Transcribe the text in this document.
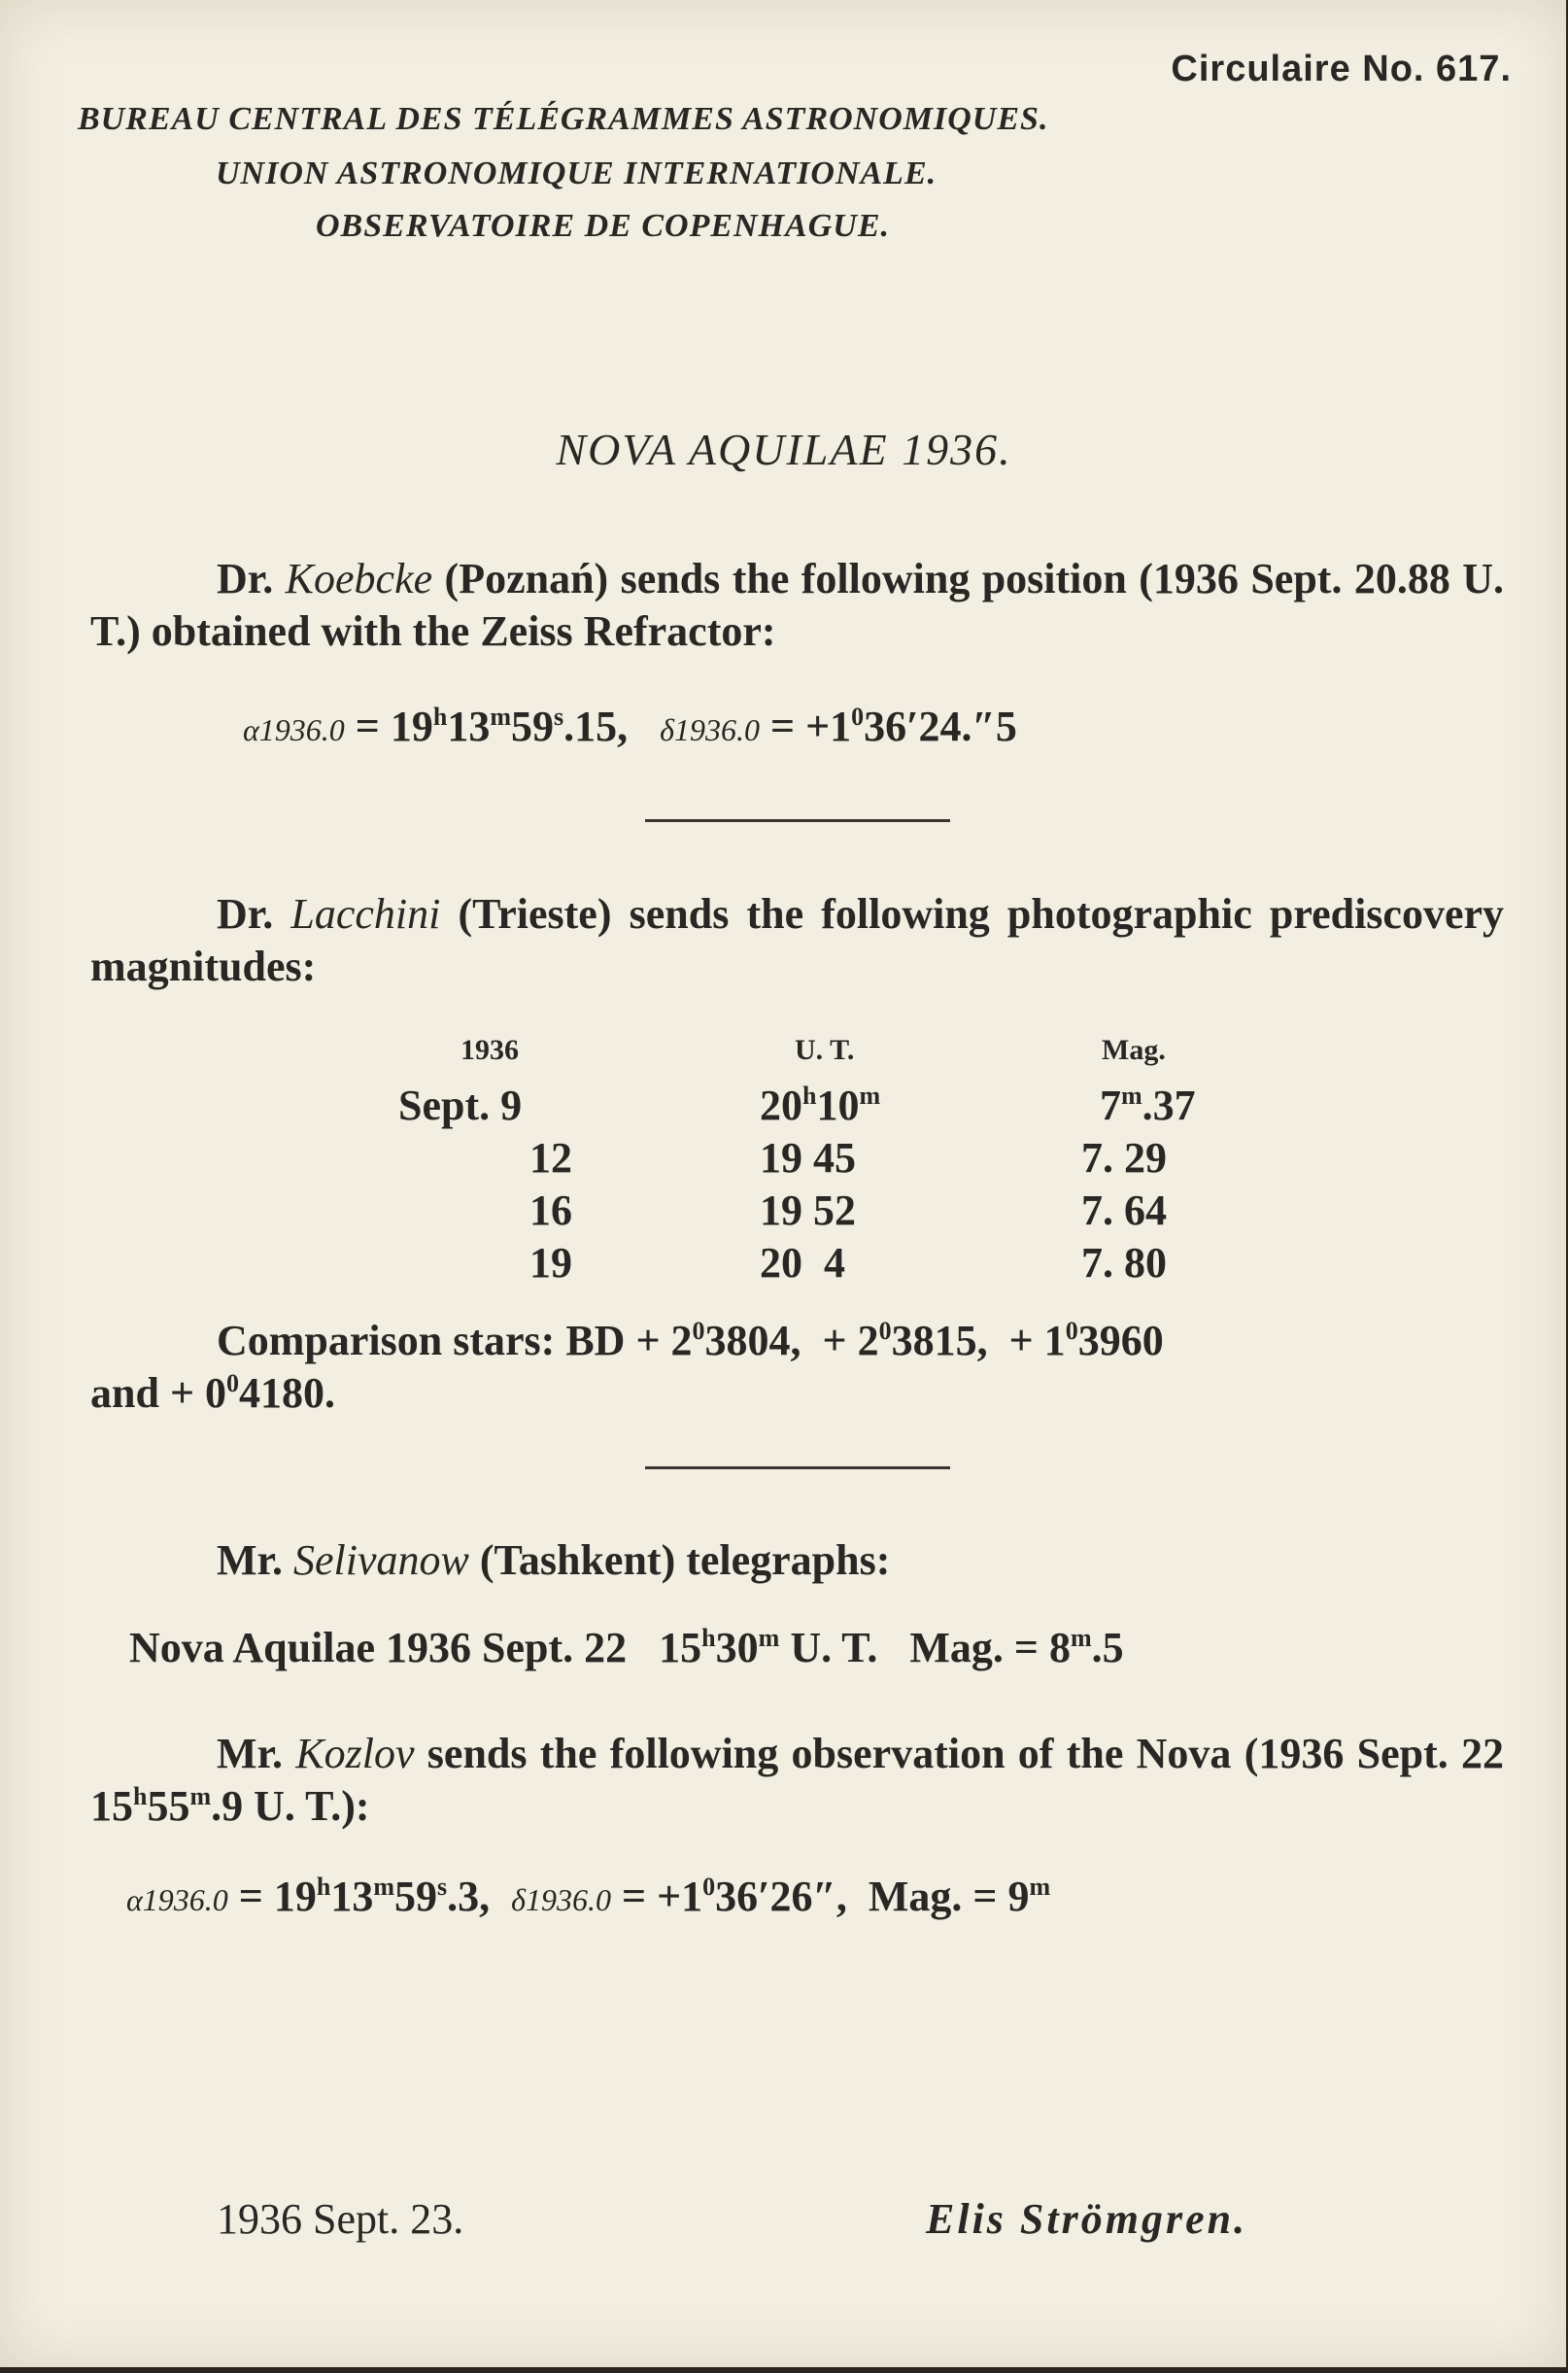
Circulaire No. 617.
BUREAU CENTRAL DES TÉLÉGRAMMES ASTRONOMIQUES.
UNION ASTRONOMIQUE INTERNATIONALE.
OBSERVATOIRE DE COPENHAGUE.
NOVA AQUILAE 1936.
Dr. Koebcke (Poznań) sends the following position (1936 Sept. 20.88 U. T.) obtained with the Zeiss Refractor:
$\alpha 1936.0 = 19^h13^m59^s.15$, $\delta 1936.0 = +1^036'24.''5$
Dr. Lacchini (Trieste) sends the following photographic prediscovery magnitudes:
1936	U. T.	Mag.
Sept. 9	20$^h$10$^m$	7$^m$.37
12	19 45	7. 29
16	19 52	7. 64
19	20  4	7. 80
Comparison stars: BD + $2^03804$,  + $2^03815$,  + $1^03960$
and + $0^04180$.
Mr. Selivanow (Tashkent) telegraphs:
Nova Aquilae 1936 Sept. 22   15$^h$30$^m$ U. T.   Mag. = $8^m.5$
Mr. Kozlov sends the following observation of the Nova (1936 Sept. 22 15$^h$55$^m$.9 U. T.):
$\alpha 1936.0 = 19^h13^m59^s.3$, $\delta 1936.0 = +1^036'26''$,  Mag. = $9^m$
1936 Sept. 23.	Elis Strömgren.
